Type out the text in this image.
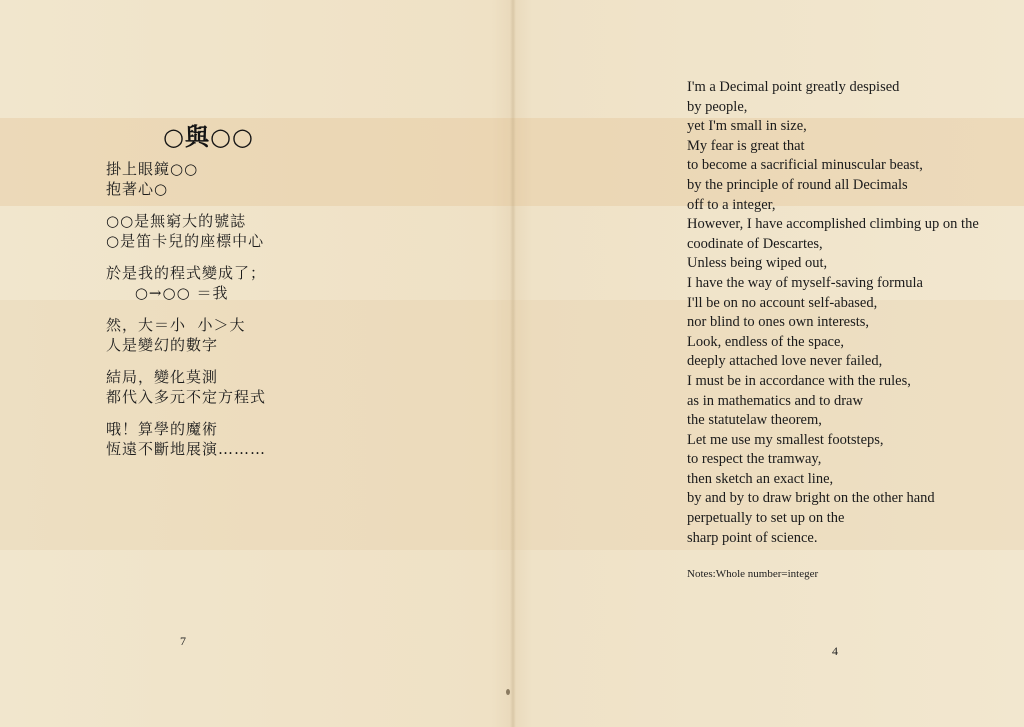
○與○○
掛上眼鏡○○
抱著心○
○○是無窮大的號誌
○是笛卡兒的座標中心
於是我的程式變成了；
○→○○ ＝我
然，大＝小  小＞大
人是變幻的數字
結局，變化莫測
都代入多元不定方程式
哦！算學的魔術
恆遠不斷地展演………
7
I'm a Decimal point greatly despised
by people,
yet I'm small in size,
My fear is great that
to become a sacrificial minuscular beast,
by the principle of round all Decimals
off to a integer,
However, I have accomplished climbing up on the
coodinate of Descartes,
Unless being wiped out,
I have the way of myself-saving formula
I'll be on no account self-abased,
nor blind to ones own interests,
Look, endless of the space,
deeply attached love never failed,
I must be in accordance with the rules,
as in mathematics and to draw
the statutelaw theorem,
Let me use my smallest footsteps,
to respect the tramway,
then sketch an exact line,
by and by to draw bright on the other hand
perpetually to set up on the
sharp point of science.
Notes:Whole number=integer
4
